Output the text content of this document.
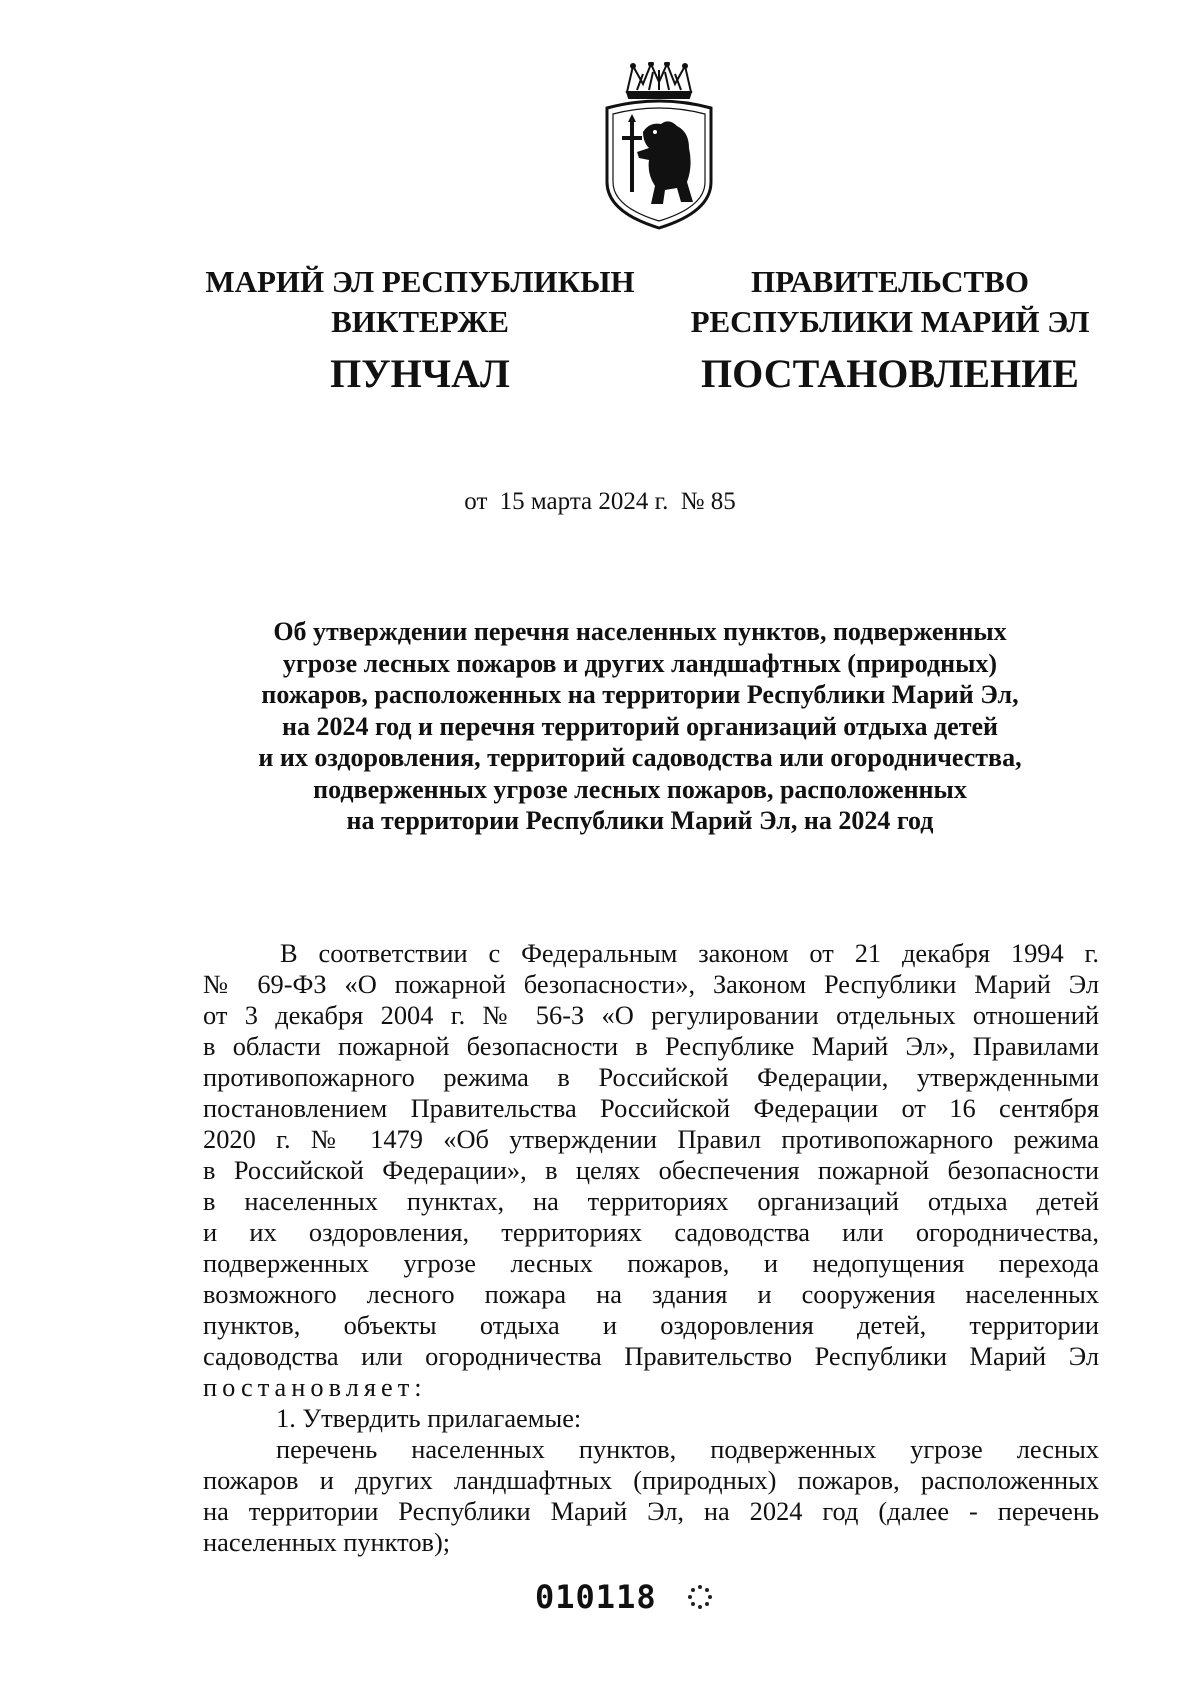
МАРИЙ ЭЛ РЕСПУБЛИКЫН
ВИКТЕРЖЕ
ПУНЧАЛ
ПРАВИТЕЛЬСТВО
РЕСПУБЛИКИ МАРИЙ ЭЛ
ПОСТАНОВЛЕНИЕ
от 15 марта 2024 г. № 85
Об утверждении перечня населенных пунктов, подверженных
угрозе лесных пожаров и других ландшафтных (природных)
пожаров, расположенных на территории Республики Марий Эл,
на 2024 год и перечня территорий организаций отдыха детей
и их оздоровления, территорий садоводства или огородничества,
подверженных угрозе лесных пожаров, расположенных
на территории Республики Марий Эл, на 2024 год
В соответствии с Федеральным законом от 21 декабря 1994 г.
№ 69-ФЗ «О пожарной безопасности», Законом Республики Марий Эл
от 3 декабря 2004 г. № 56-З «О регулировании отдельных отношений
в области пожарной безопасности в Республике Марий Эл», Правилами
противопожарного режима в Российской Федерации, утвержденными
постановлением Правительства Российской Федерации от 16 сентября
2020 г. № 1479 «Об утверждении Правил противопожарного режима
в Российской Федерации», в целях обеспечения пожарной безопасности
в населенных пунктах, на территориях организаций отдыха детей
и их оздоровления, территориях садоводства или огородничества,
подверженных угрозе лесных пожаров, и недопущения перехода
возможного лесного пожара на здания и сооружения населенных
пунктов, объекты отдыха и оздоровления детей, территории
садоводства или огородничества Правительство Республики Марий Эл
постановляет:
1. Утвердить прилагаемые:
перечень населенных пунктов, подверженных угрозе лесных
пожаров и других ландшафтных (природных) пожаров, расположенных
на территории Республики Марий Эл, на 2024 год (далее - перечень
населенных пунктов);
010118
